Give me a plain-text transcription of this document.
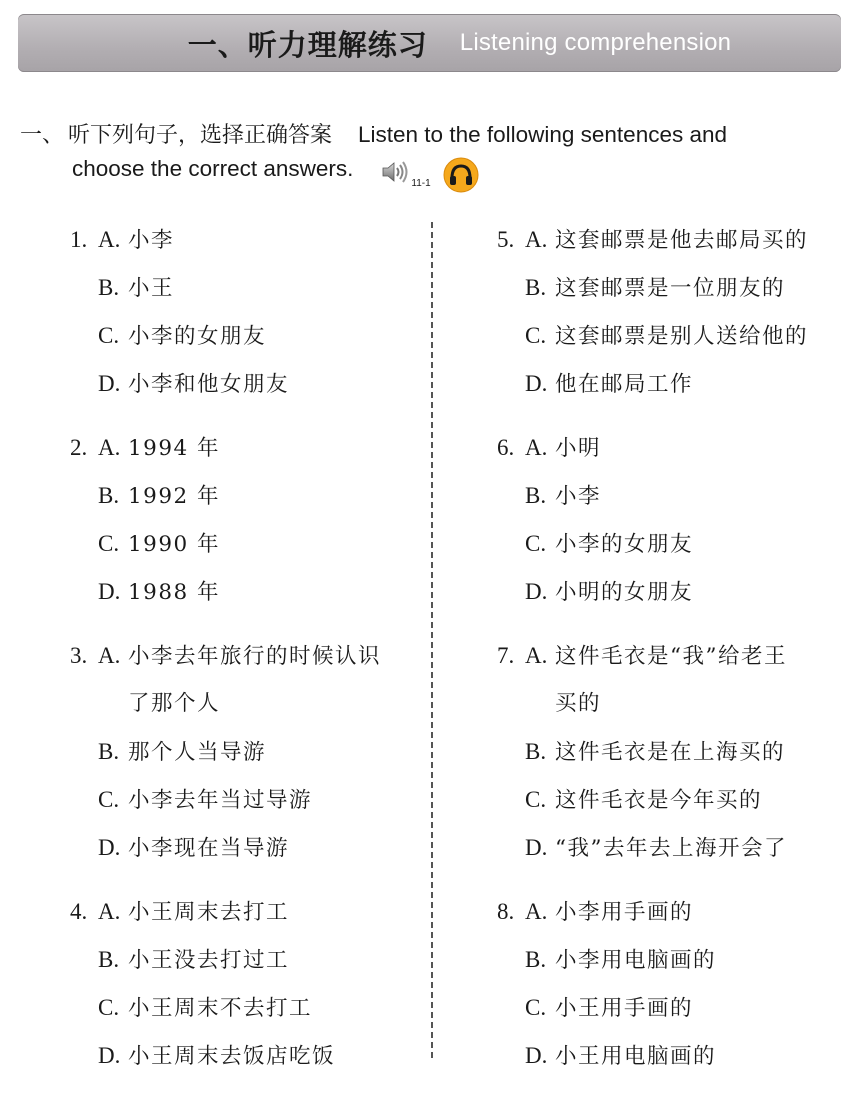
一、听力理解练习 Listening comprehension
一、 听下列句子，选择正确答案 Listen to the following sentences and
choose the correct answers.
11-1
1. A. 小李
B. 小王
C. 小李的女朋友
D. 小李和他女朋友
2. A. 1994 年
B. 1992 年
C. 1990 年
D. 1988 年
3. A. 小李去年旅行的时候认识
了那个人
B. 那个人当导游
C. 小李去年当过导游
D. 小李现在当导游
4. A. 小王周末去打工
B. 小王没去打过工
C. 小王周末不去打工
D. 小王周末去饭店吃饭
5. A. 这套邮票是他去邮局买的
B. 这套邮票是一位朋友的
C. 这套邮票是别人送给他的
D. 他在邮局工作
6. A. 小明
B. 小李
C. 小李的女朋友
D. 小明的女朋友
7. A. 这件毛衣是“我”给老王
买的
B. 这件毛衣是在上海买的
C. 这件毛衣是今年买的
D. “我”去年去上海开会了
8. A. 小李用手画的
B. 小李用电脑画的
C. 小王用手画的
D. 小王用电脑画的
